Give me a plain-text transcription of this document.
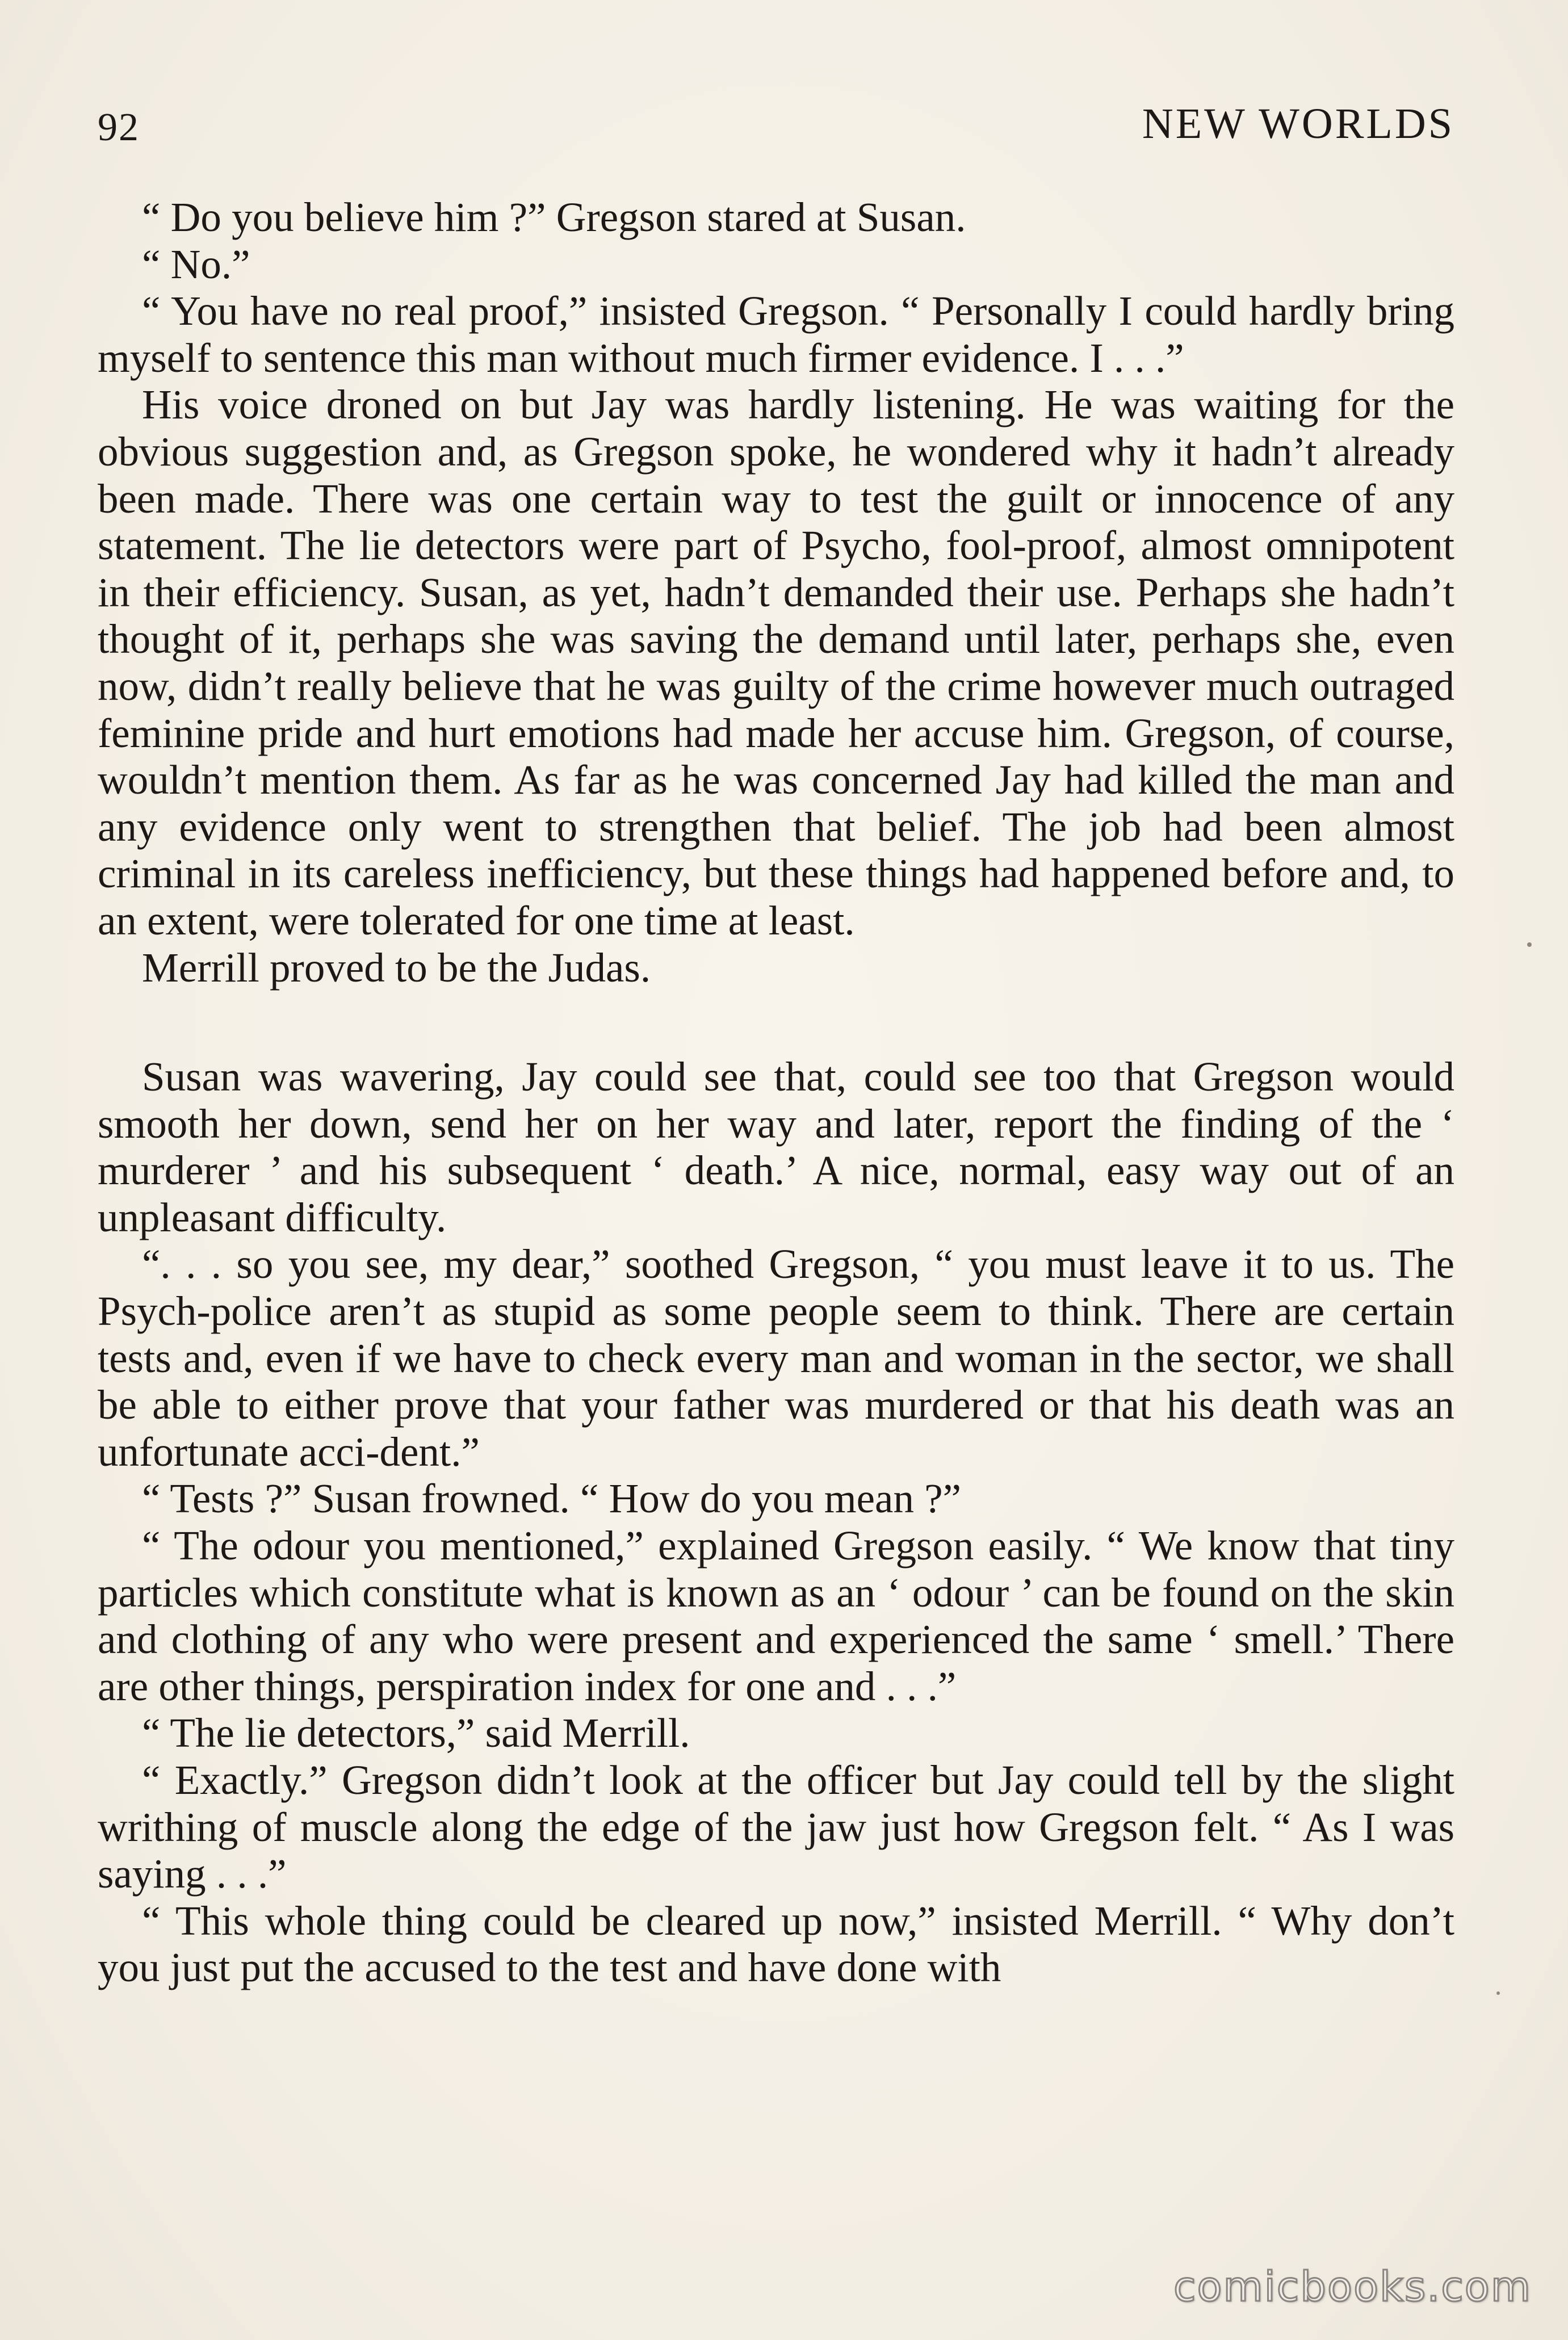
92	NEW WORLDS

“ Do you believe him ?” Gregson stared at Susan.

“ No.”

“ You have no real proof,” insisted Gregson. “ Personally I could hardly bring myself to sentence this man without much firmer evidence. I . . .”

His voice droned on but Jay was hardly listening. He was waiting for the obvious suggestion and, as Gregson spoke, he wondered why it hadn’t already been made. There was one certain way to test the guilt or innocence of any statement. The lie detectors were part of Psycho, fool-proof, almost omnipotent in their efficiency. Susan, as yet, hadn’t demanded their use. Perhaps she hadn’t thought of it, perhaps she was saving the demand until later, perhaps she, even now, didn’t really believe that he was guilty of the crime however much outraged feminine pride and hurt emotions had made her accuse him. Gregson, of course, wouldn’t mention them. As far as he was concerned Jay had killed the man and any evidence only went to strengthen that belief. The job had been almost criminal in its careless inefficiency, but these things had happened before and, to an extent, were tolerated for one time at least.

Merrill proved to be the Judas.

Susan was wavering, Jay could see that, could see too that Gregson would smooth her down, send her on her way and later, report the finding of the ‘ murderer ’ and his subsequent ‘ death.’ A nice, normal, easy way out of an unpleasant difficulty.

“. . . so you see, my dear,” soothed Gregson, “ you must leave it to us. The Psych-police aren’t as stupid as some people seem to think. There are certain tests and, even if we have to check every man and woman in the sector, we shall be able to either prove that your father was murdered or that his death was an unfortunate acci-dent.”

“ Tests ?” Susan frowned. “ How do you mean ?”

“ The odour you mentioned,” explained Gregson easily. “ We know that tiny particles which constitute what is known as an ‘ odour ’ can be found on the skin and clothing of any who were present and experienced the same ‘ smell.’ There are other things, perspiration index for one and . . .”

“ The lie detectors,” said Merrill.

“ Exactly.” Gregson didn’t look at the officer but Jay could tell by the slight writhing of muscle along the edge of the jaw just how Gregson felt. “ As I was saying . . .”

“ This whole thing could be cleared up now,” insisted Merrill. “ Why don’t you just put the accused to the test and have done with

comicbooks.com
